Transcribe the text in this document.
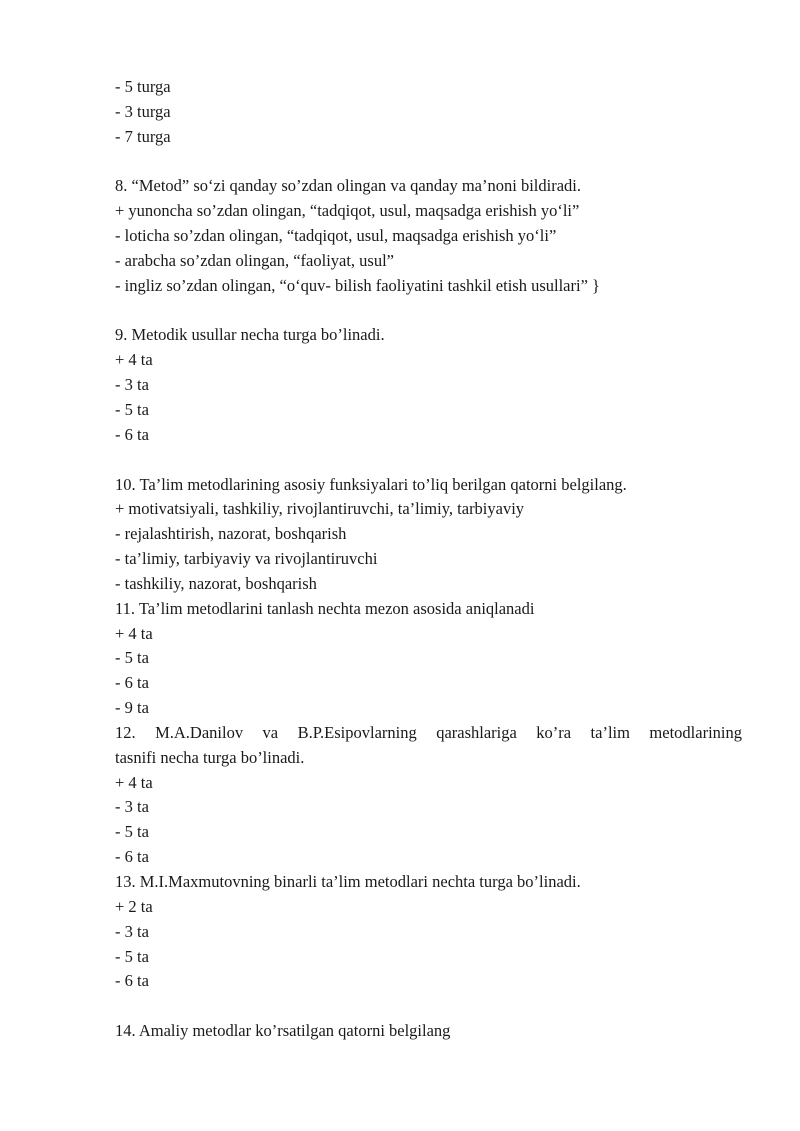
- 5 turga
- 3 turga
- 7 turga
8. “Metod” so‘zi qanday so’zdan olingan va qanday ma’noni bildiradi.
+ yunoncha so’zdan olingan, “tadqiqot, usul, maqsadga erishish yo‘li”
- loticha so’zdan olingan, “tadqiqot, usul, maqsadga erishish yo‘li”
- arabcha so’zdan olingan, “faoliyat, usul”
- ingliz so’zdan olingan, “o‘quv- bilish faoliyatini tashkil etish usullari” }
9. Metodik usullar necha turga bo’linadi.
+ 4 ta
- 3 ta
- 5 ta
- 6 ta
10. Ta’lim metodlarining asosiy funksiyalari to’liq berilgan qatorni belgilang.
+ motivatsiyali, tashkiliy, rivojlantiruvchi, ta’limiy, tarbiyaviy
- rejalashtirish, nazorat, boshqarish
- ta’limiy, tarbiyaviy va rivojlantiruvchi
- tashkiliy, nazorat, boshqarish
11. Ta’lim metodlarini tanlash nechta mezon asosida aniqlanadi
+ 4 ta
- 5 ta
- 6 ta
- 9 ta
12. M.A.Danilov va B.P.Esipovlarning qarashlariga ko’ra ta’lim metodlarining
tasnifi necha turga bo’linadi.
+ 4 ta
- 3 ta
- 5 ta
- 6 ta
13. M.I.Maxmutovning binarli ta’lim metodlari nechta turga bo’linadi.
+ 2 ta
- 3 ta
- 5 ta
- 6 ta
14. Amaliy metodlar ko’rsatilgan qatorni belgilang
